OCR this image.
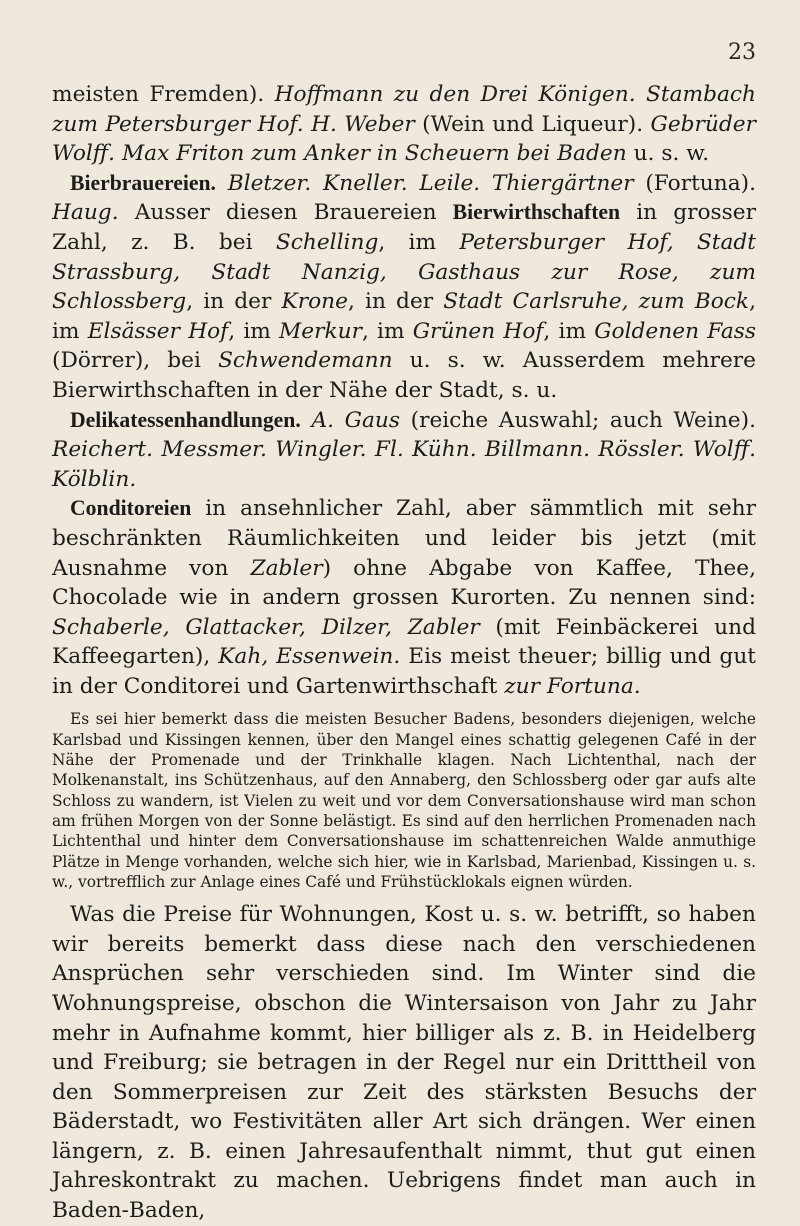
23

meisten Fremden). Hoffmann zu den Drei Königen. Stambach zum Petersburger Hof. H. Weber (Wein und Liqueur). Gebrüder Wolff. Max Friton zum Anker in Scheuern bei Baden u. s. w.

Bierbrauereien. Bletzer. Kneller. Leile. Thiergärtner (Fortuna). Haug. Ausser diesen Brauereien Bierwirthschaften in grosser Zahl, z. B. bei Schelling, im Petersburger Hof, Stadt Strassburg, Stadt Nanzig, Gasthaus zur Rose, zum Schlossberg, in der Krone, in der Stadt Carlsruhe, zum Bock, im Elsässer Hof, im Merkur, im Grünen Hof, im Goldenen Fass (Dörrer), bei Schwendemann u. s. w. Ausserdem mehrere Bierwirthschaften in der Nähe der Stadt, s. u.

Delikatessenhandlungen. A. Gaus (reiche Auswahl; auch Weine). Reichert. Messmer. Wingler. Fl. Kühn. Billmann. Rössler. Wolff. Kölblin.

Conditoreien in ansehnlicher Zahl, aber sämmtlich mit sehr beschränkten Räumlichkeiten und leider bis jetzt (mit Ausnahme von Zabler) ohne Abgabe von Kaffee, Thee, Chocolade wie in andern grossen Kurorten. Zu nennen sind: Schaberle, Glattacker, Dilzer, Zabler (mit Feinbäckerei und Kaffeegarten), Kah, Essenwein. Eis meist theuer; billig und gut in der Conditorei und Gartenwirthschaft zur Fortuna.

Es sei hier bemerkt dass die meisten Besucher Badens, besonders diejenigen, welche Karlsbad und Kissingen kennen, über den Mangel eines schattig gelegenen Café in der Nähe der Promenade und der Trinkhalle klagen. Nach Lichtenthal, nach der Molkenanstalt, ins Schützenhaus, auf den Annaberg, den Schlossberg oder gar aufs alte Schloss zu wandern, ist Vielen zu weit und vor dem Conversationshause wird man schon am frühen Morgen von der Sonne belästigt. Es sind auf den herrlichen Promenaden nach Lichtenthal und hinter dem Conversationshause im schattenreichen Walde anmuthige Plätze in Menge vorhanden, welche sich hier, wie in Karlsbad, Marienbad, Kissingen u. s. w., vortrefflich zur Anlage eines Café und Frühstücklokals eignen würden.

Was die Preise für Wohnungen, Kost u. s. w. betrifft, so haben wir bereits bemerkt dass diese nach den verschiedenen Ansprüchen sehr verschieden sind. Im Winter sind die Wohnungspreise, obschon die Wintersaison von Jahr zu Jahr mehr in Aufnahme kommt, hier billiger als z. B. in Heidelberg und Freiburg; sie betragen in der Regel nur ein Dritttheil von den Sommerpreisen zur Zeit des stärksten Besuchs der Bäderstadt, wo Festivitäten aller Art sich drängen. Wer einen längern, z. B. einen Jahresaufenthalt nimmt, thut gut einen Jahreskontrakt zu machen. Uebrigens findet man auch in Baden-Baden,
